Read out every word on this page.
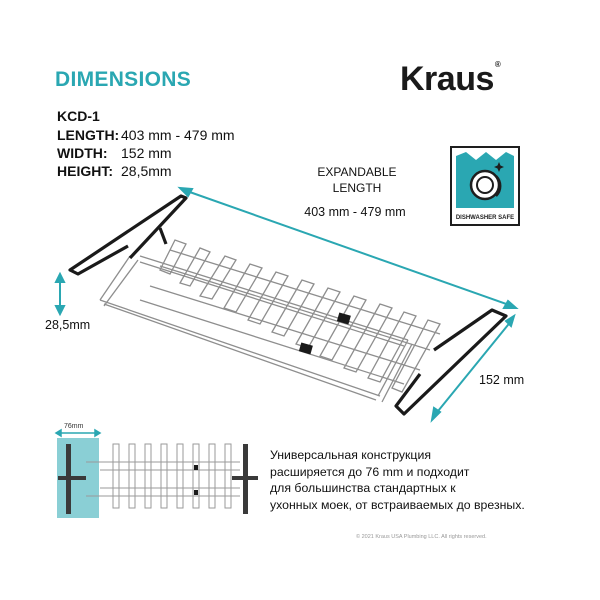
DIMENSIONS	Kraus®
KCD-1
LENGTH: 403 mm - 479 mm
WIDTH: 152 mm
HEIGHT: 28,5mm
DISHWASHER SAFE
EXPANDABLE
LENGTH
403 mm - 479 mm
28,5mm
152 mm
76mm
Универсальная конструкция
расширяется до 76 mm и подходит
для большинства стандартных к
ухонных моек, от встраиваемых до врезных.
© 2021 Kraus USA Plumbing LLC. All rights reserved.
